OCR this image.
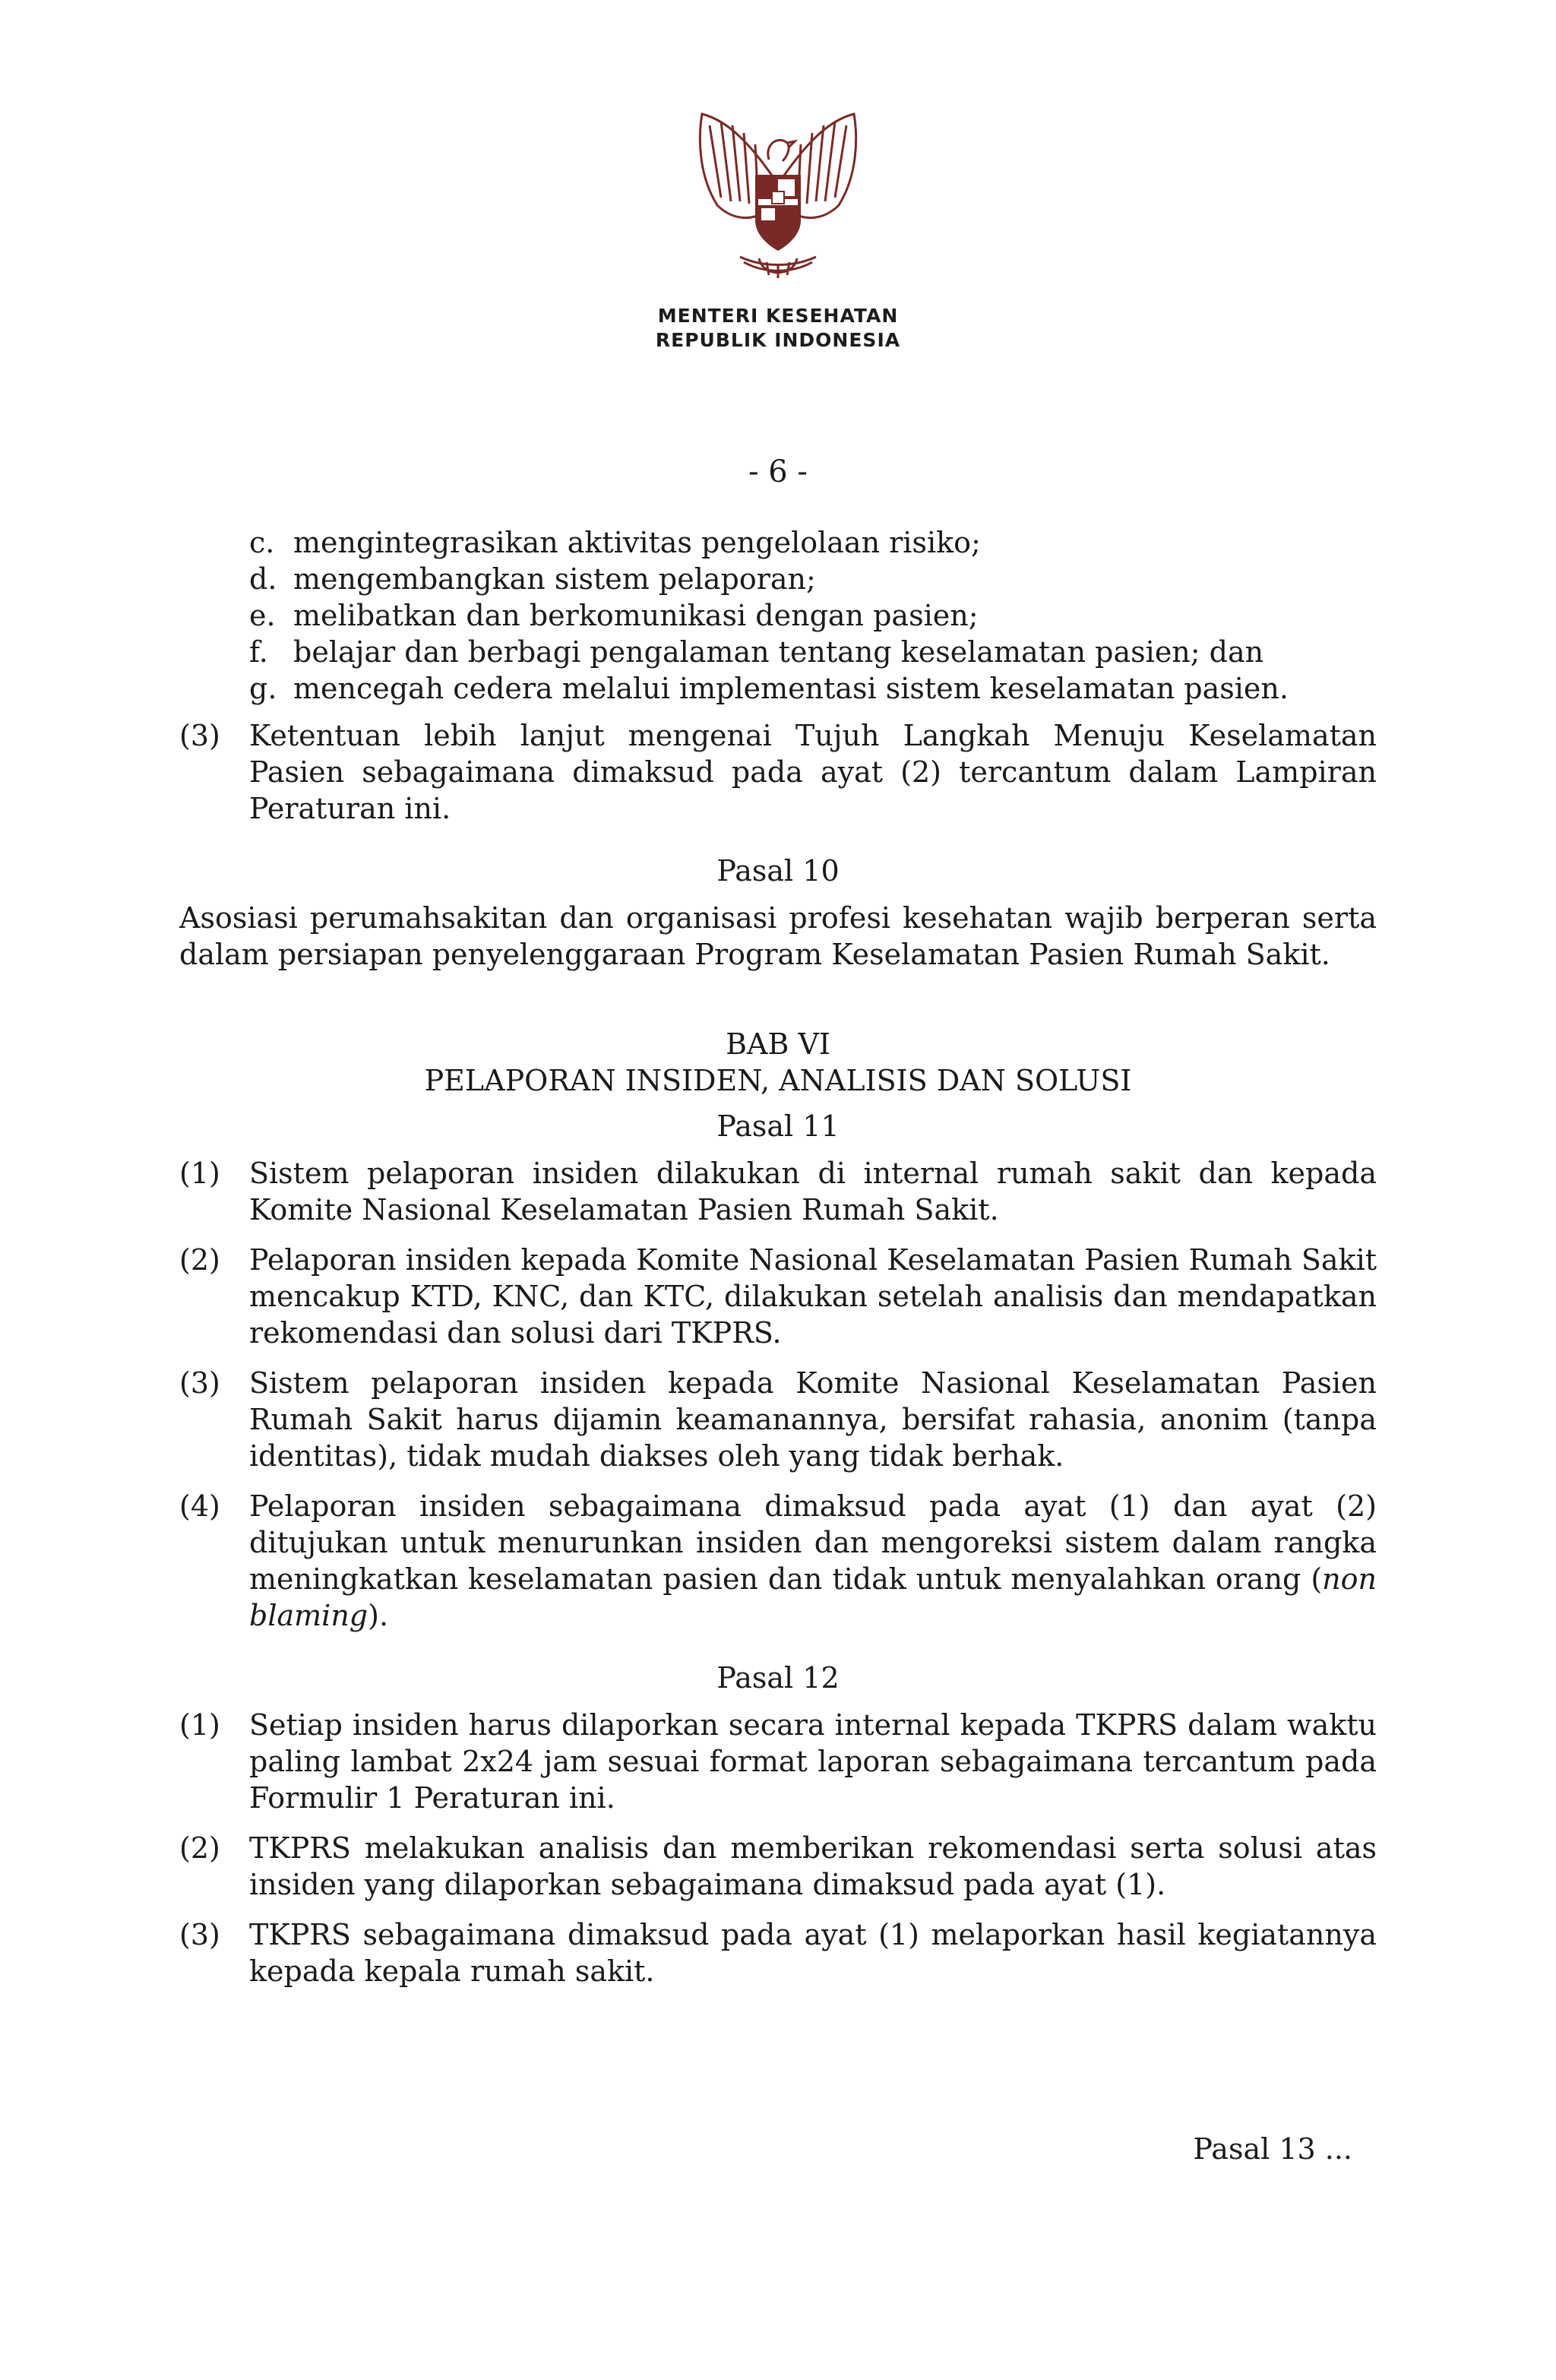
MENTERI KESEHATAN
REPUBLIK INDONESIA
- 6 -
c. mengintegrasikan aktivitas pengelolaan risiko;
d. mengembangkan sistem pelaporan;
e. melibatkan dan berkomunikasi dengan pasien;
f. belajar dan berbagi pengalaman tentang keselamatan pasien; dan
g. mencegah cedera melalui implementasi sistem keselamatan pasien.
(3)	Ketentuan lebih lanjut mengenai Tujuh Langkah Menuju Keselamatan Pasien sebagaimana dimaksud pada ayat (2) tercantum dalam Lampiran Peraturan ini.
Pasal 10
Asosiasi perumahsakitan dan organisasi profesi kesehatan wajib berperan serta dalam persiapan penyelenggaraan Program Keselamatan Pasien Rumah Sakit.
BAB VI
PELAPORAN INSIDEN, ANALISIS DAN SOLUSI
Pasal 11
(1)	Sistem pelaporan insiden dilakukan di internal rumah sakit dan kepada Komite Nasional Keselamatan Pasien Rumah Sakit.
(2)	Pelaporan insiden kepada Komite Nasional Keselamatan Pasien Rumah Sakit mencakup KTD, KNC, dan KTC, dilakukan setelah analisis dan mendapatkan rekomendasi dan solusi dari TKPRS.
(3)	Sistem pelaporan insiden kepada Komite Nasional Keselamatan Pasien Rumah Sakit harus dijamin keamanannya, bersifat rahasia, anonim (tanpa identitas), tidak mudah diakses oleh yang tidak berhak.
(4)	Pelaporan insiden sebagaimana dimaksud pada ayat (1) dan ayat (2) ditujukan untuk menurunkan insiden dan mengoreksi sistem dalam rangka meningkatkan keselamatan pasien dan tidak untuk menyalahkan orang (non blaming).
Pasal 12
(1)	Setiap insiden harus dilaporkan secara internal kepada TKPRS dalam waktu paling lambat 2x24 jam sesuai format laporan sebagaimana tercantum pada Formulir 1 Peraturan ini.
(2)	TKPRS melakukan analisis dan memberikan rekomendasi serta solusi atas insiden yang dilaporkan sebagaimana dimaksud pada ayat (1).
(3)	TKPRS sebagaimana dimaksud pada ayat (1) melaporkan hasil kegiatannya kepada kepala rumah sakit.
Pasal 13 ...
